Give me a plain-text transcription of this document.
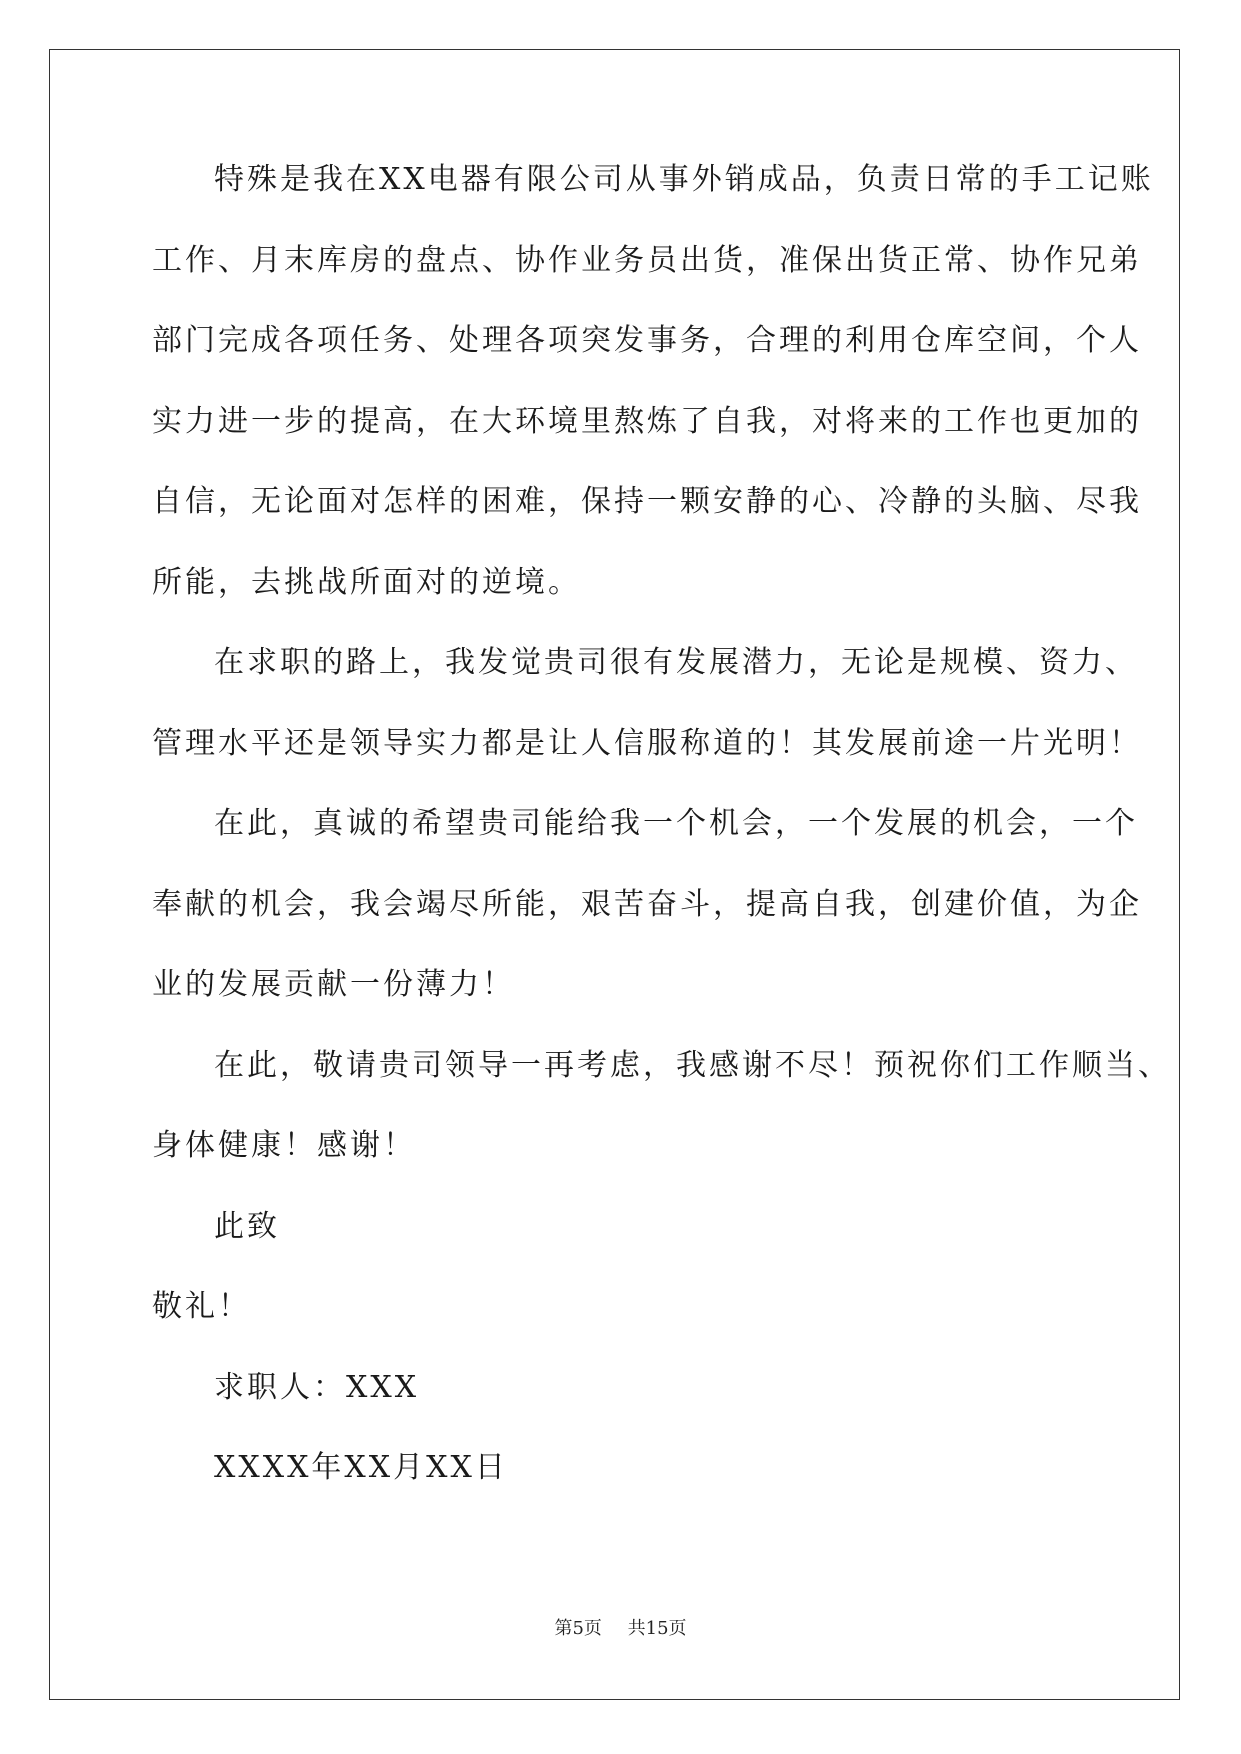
特殊是我在XX电器有限公司从事外销成品，负责日常的手工记账
工作、月末库房的盘点、协作业务员出货，准保出货正常、协作兄弟
部门完成各项任务、处理各项突发事务，合理的利用仓库空间，个人
实力进一步的提高，在大环境里熬炼了自我，对将来的工作也更加的
自信，无论面对怎样的困难，保持一颗安静的心、冷静的头脑、尽我
所能，去挑战所面对的逆境。
在求职的路上，我发觉贵司很有发展潜力，无论是规模、资力、
管理水平还是领导实力都是让人信服称道的！其发展前途一片光明！
在此，真诚的希望贵司能给我一个机会，一个发展的机会，一个
奉献的机会，我会竭尽所能，艰苦奋斗，提高自我，创建价值，为企
业的发展贡献一份薄力！
在此，敬请贵司领导一再考虑，我感谢不尽！预祝你们工作顺当、
身体健康！感谢！
此致
敬礼！
求职人：XXX
XXXX年XX月XX日
第5页 共15页
